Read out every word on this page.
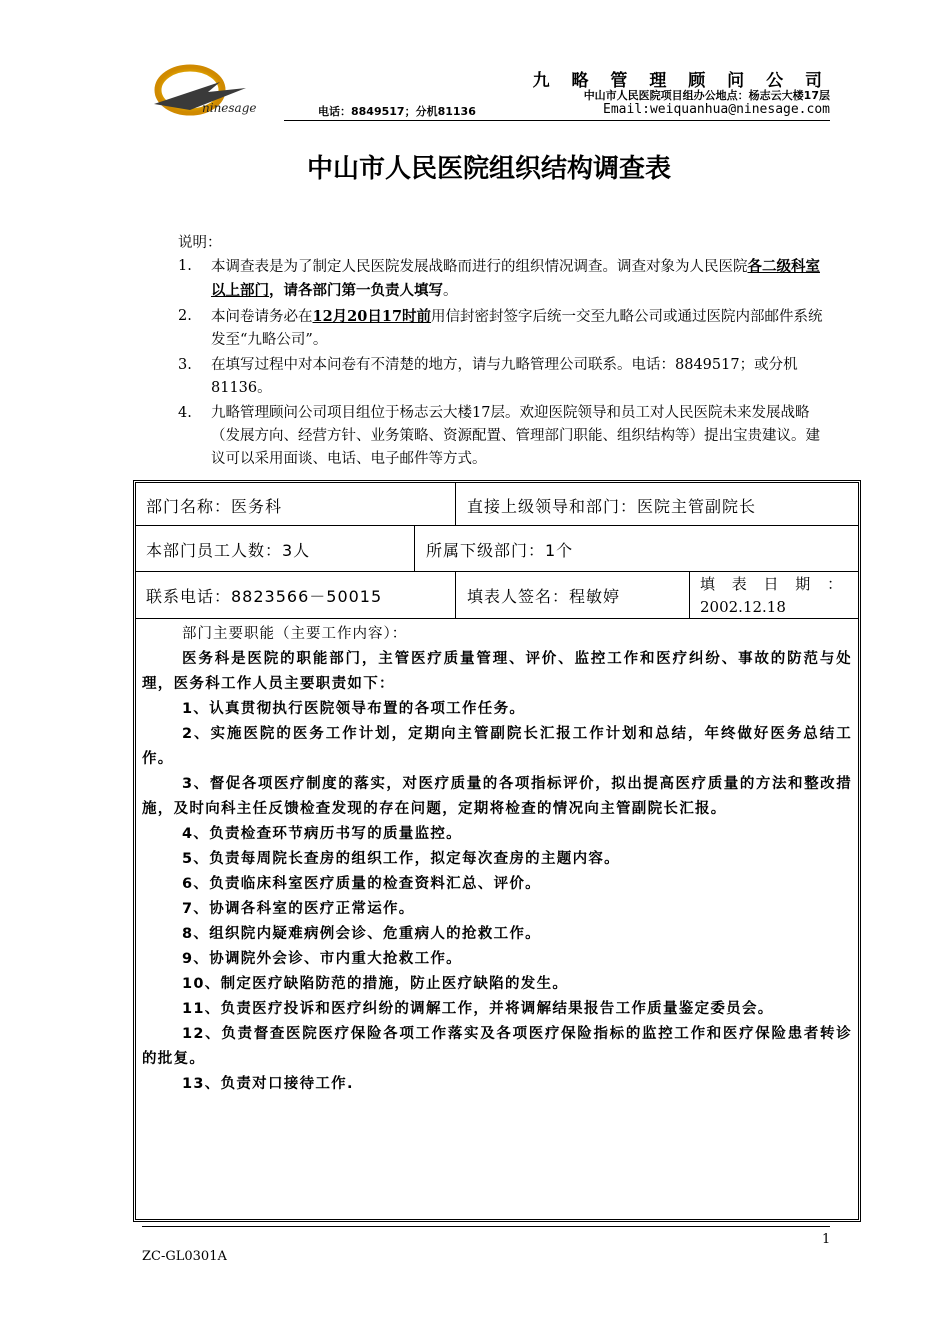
ninesage
九 略 管 理 顾 问 公 司
中山市人民医院项目组办公地点：杨志云大楼17层
电话：8849517；分机81136	Email:weiquanhua@ninesage.com
中山市人民医院组织结构调查表
说明：
1. 本调查表是为了制定人民医院发展战略而进行的组织情况调查。调查对象为人民医院各二级科室以上部门，请各部门第一负责人填写。
2. 本问卷请务必在12月20日17时前用信封密封签字后统一交至九略公司或通过医院内部邮件系统发至“九略公司”。
3. 在填写过程中对本问卷有不清楚的地方，请与九略管理公司联系。电话：8849517；或分机81136。
4. 九略管理顾问公司项目组位于杨志云大楼17层。欢迎医院领导和员工对人民医院未来发展战略（发展方向、经营方针、业务策略、资源配置、管理部门职能、组织结构等）提出宝贵建议。建议可以采用面谈、电话、电子邮件等方式。
部门名称：医务科	直接上级领导和部门：医院主管副院长
本部门员工人数：3人	所属下级部门：1个
联系电话：8823566－50015	填表人签名：程敏婷
填 表 日 期 ：
2002.12.18

部门主要职能（主要工作内容）：

医务科是医院的职能部门，主管医疗质量管理、评价、监控工作和医疗纠纷、事故的防范与处理，医务科工作人员主要职责如下：

1、认真贯彻执行医院领导布置的各项工作任务。

2、实施医院的医务工作计划，定期向主管副院长汇报工作计划和总结，年终做好医务总结工作。

3、督促各项医疗制度的落实，对医疗质量的各项指标评价，拟出提高医疗质量的方法和整改措施，及时向科主任反馈检查发现的存在问题，定期将检查的情况向主管副院长汇报。

4、负责检查环节病历书写的质量监控。

5、负责每周院长查房的组织工作，拟定每次查房的主题内容。

6、负责临床科室医疗质量的检查资料汇总、评价。

7、协调各科室的医疗正常运作。

8、组织院内疑难病例会诊、危重病人的抢救工作。

9、协调院外会诊、市内重大抢救工作。

10、制定医疗缺陷防范的措施，防止医疗缺陷的发生。

11、负责医疗投诉和医疗纠纷的调解工作，并将调解结果报告工作质量鉴定委员会。

12、负责督查医院医疗保险各项工作落实及各项医疗保险指标的监控工作和医疗保险患者转诊的批复。

13、负责对口接待工作.

1
ZC-GL0301A
